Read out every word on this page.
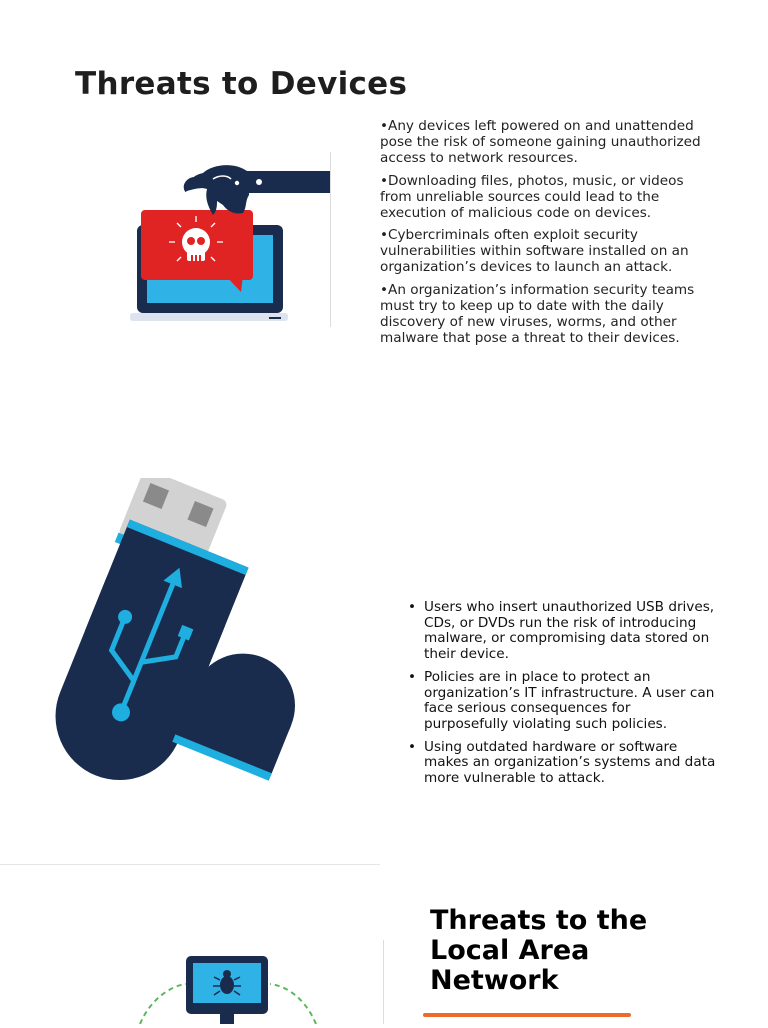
Threats to Devices

•Any devices left powered on and unattended pose the risk of someone gaining unauthorized access to network resources.

•Downloading files, photos, music, or videos from unreliable sources could lead to the execution of malicious code on devices.

•Cybercriminals often exploit security vulnerabilities within software installed on an organization’s devices to launch an attack.

•An organization’s information security teams must try to keep up to date with the daily discovery of new viruses, worms, and other malware that pose a threat to their devices.

• Users who insert unauthorized USB drives, CDs, or DVDs run the risk of introducing malware, or compromising data stored on their device.
• Policies are in place to protect an organization’s IT infrastructure. A user can face serious consequences for purposefully violating such policies.
• Using outdated hardware or software makes an organization’s systems and data more vulnerable to attack.
Threats to the
Local Area
Network
